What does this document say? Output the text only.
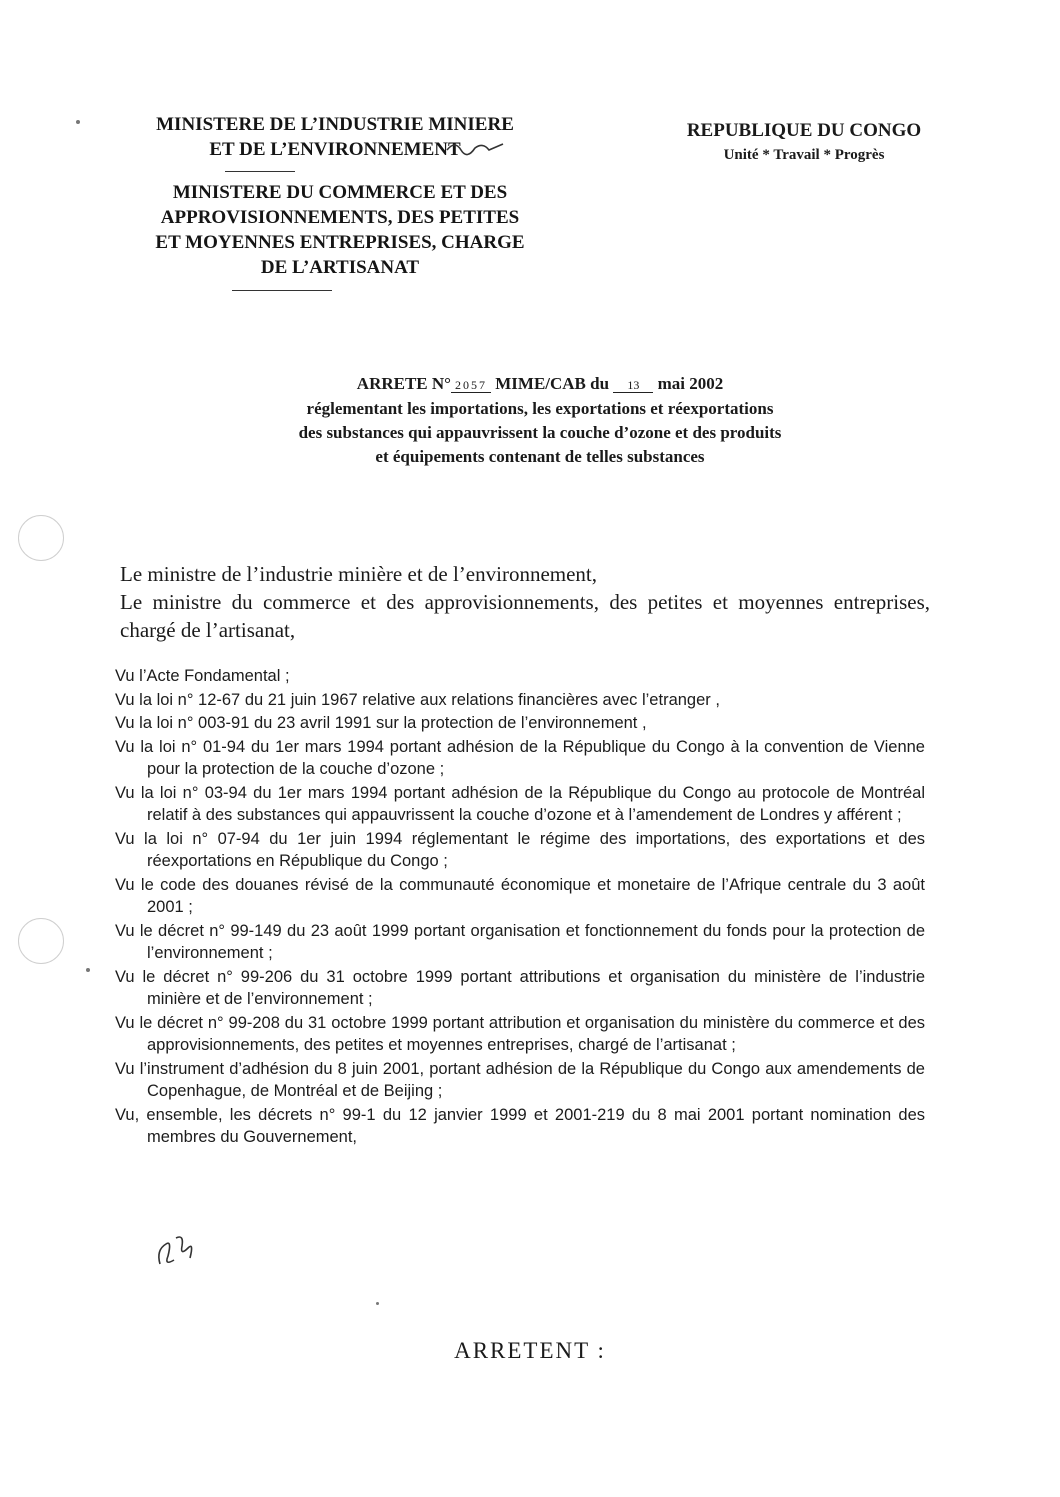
MINISTERE DE L’INDUSTRIE MINIERE
ET DE L’ENVIRONNEMENT
MINISTERE DU COMMERCE ET DES
APPROVISIONNEMENTS, DES PETITES
ET MOYENNES ENTREPRISES, CHARGE
DE L’ARTISANAT
REPUBLIQUE DU CONGO
Unité * Travail * Progrès
ARRETE N° 2057 MIME/CAB du 13 mai 2002
réglementant les importations, les exportations et réexportations
des substances qui appauvrissent la couche d’ozone et des produits
et équipements contenant de telles substances

Le ministre de l’industrie minière et de l’environnement,

Le ministre du commerce et des approvisionnements, des petites et moyennes entreprises, chargé de l’artisanat,

Vu l’Acte Fondamental ;

Vu la loi n° 12-67 du 21 juin 1967 relative aux relations financières avec l’etranger ,

Vu la loi n° 003-91 du 23 avril 1991 sur la protection de l’environnement ,

Vu la loi n° 01-94 du 1er mars 1994 portant adhésion de la République du Congo à la convention de Vienne pour la protection de la couche d’ozone ;

Vu la loi n° 03-94 du 1er mars 1994 portant adhésion de la République du Congo au protocole de Montréal relatif à des substances qui appauvrissent la couche d’ozone et à l’amendement de Londres y afférent ;

Vu la loi n° 07-94 du 1er juin 1994 réglementant le régime des importations, des exportations et des réexportations en République du Congo ;

Vu le code des douanes révisé de la communauté économique et monetaire de l’Afrique centrale du 3 août 2001 ;

Vu le décret n° 99-149 du 23 août 1999 portant organisation et fonctionnement du fonds pour la protection de l’environnement ;

Vu le décret n° 99-206 du 31 octobre 1999 portant attributions et organisation du ministère de l’industrie minière et de l’environnement ;

Vu le décret n° 99-208 du 31 octobre 1999 portant attribution et organisation du ministère du commerce et des approvisionnements, des petites et moyennes entreprises, chargé de l’artisanat ;

Vu l’instrument d’adhésion du 8 juin 2001, portant adhésion de la République du Congo aux amendements de Copenhague, de Montréal et de Beijing ;

Vu, ensemble, les décrets n° 99-1 du 12 janvier 1999 et 2001-219 du 8 mai 2001 portant nomination des membres du Gouvernement,

ARRETENT :
